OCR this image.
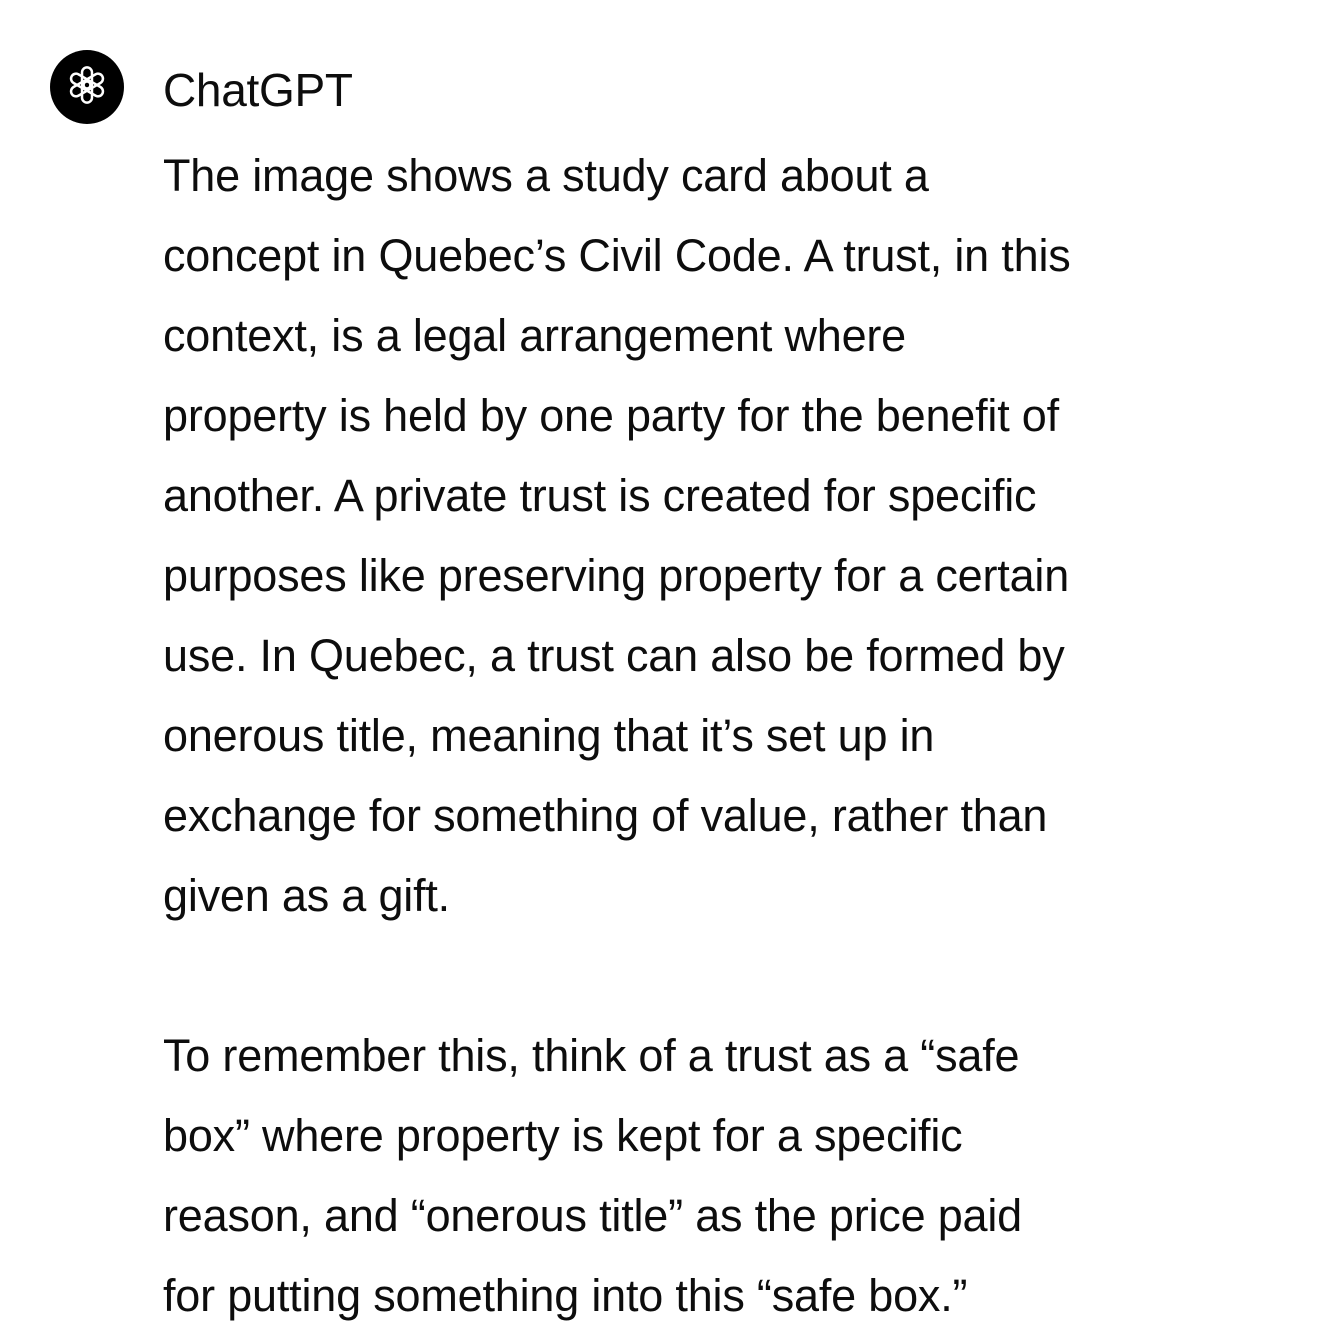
ChatGPT

The image shows a study card about a
concept in Quebec’s Civil Code. A trust, in this
context, is a legal arrangement where
property is held by one party for the benefit of
another. A private trust is created for specific
purposes like preserving property for a certain
use. In Quebec, a trust can also be formed by
onerous title, meaning that it’s set up in
exchange for something of value, rather than
given as a gift.

To remember this, think of a trust as a “safe
box” where property is kept for a specific
reason, and “onerous title” as the price paid
for putting something into this “safe box.”
